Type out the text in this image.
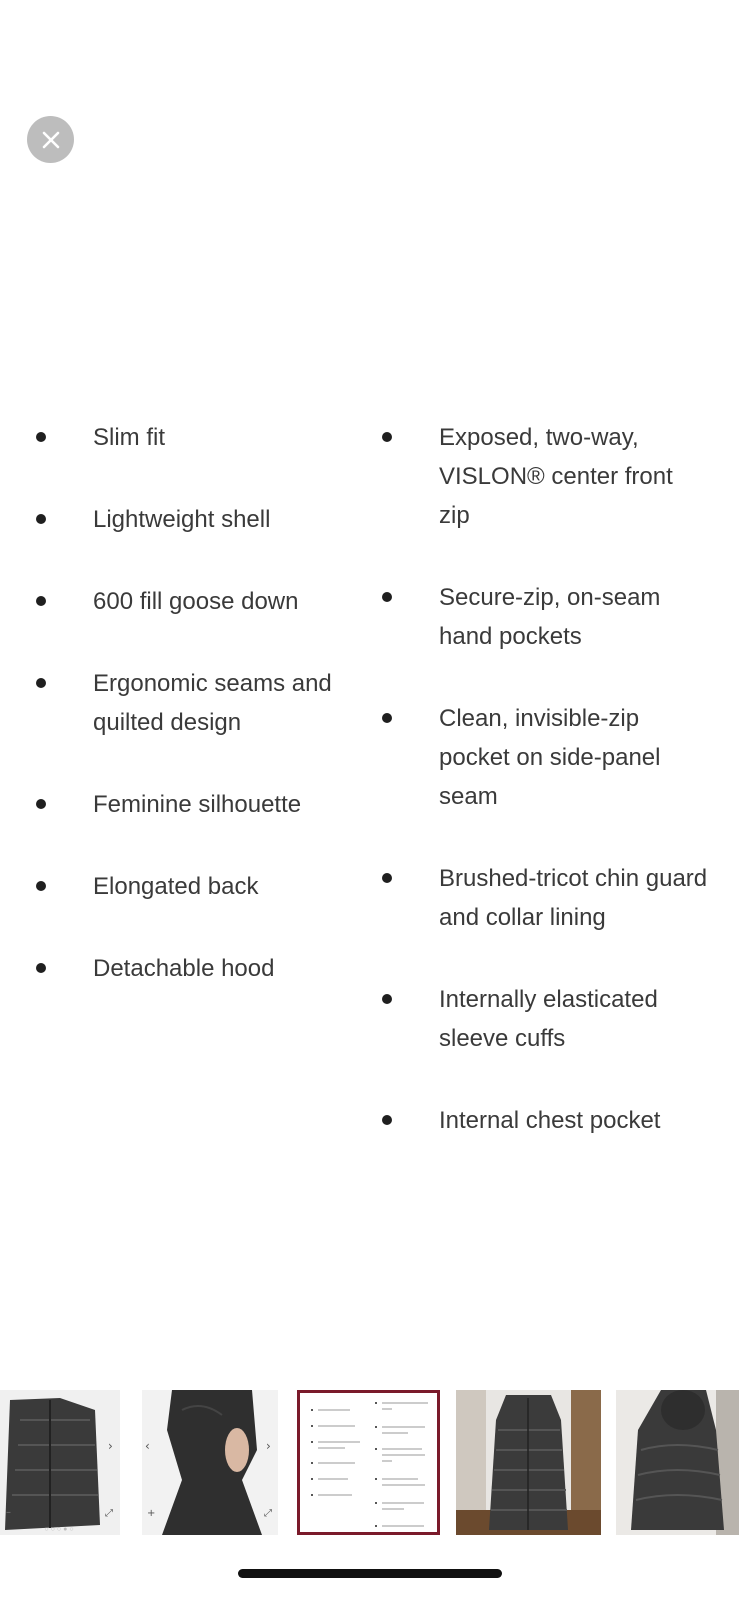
Slim fit
Lightweight shell
600 fill goose down
Ergonomic seams and quilted design
Feminine silhouette
Elongated back
Detachable hood
Exposed, two-way, VISLON® center front zip
Secure-zip, on-seam hand pockets
Clean, invisible-zip pocket on side-panel seam
Brushed-tricot chin guard and collar lining
Internally elasticated sleeve cuffs
Internal chest pocket
›
–	⤢
○○○●○
‹	›
+	⤢
